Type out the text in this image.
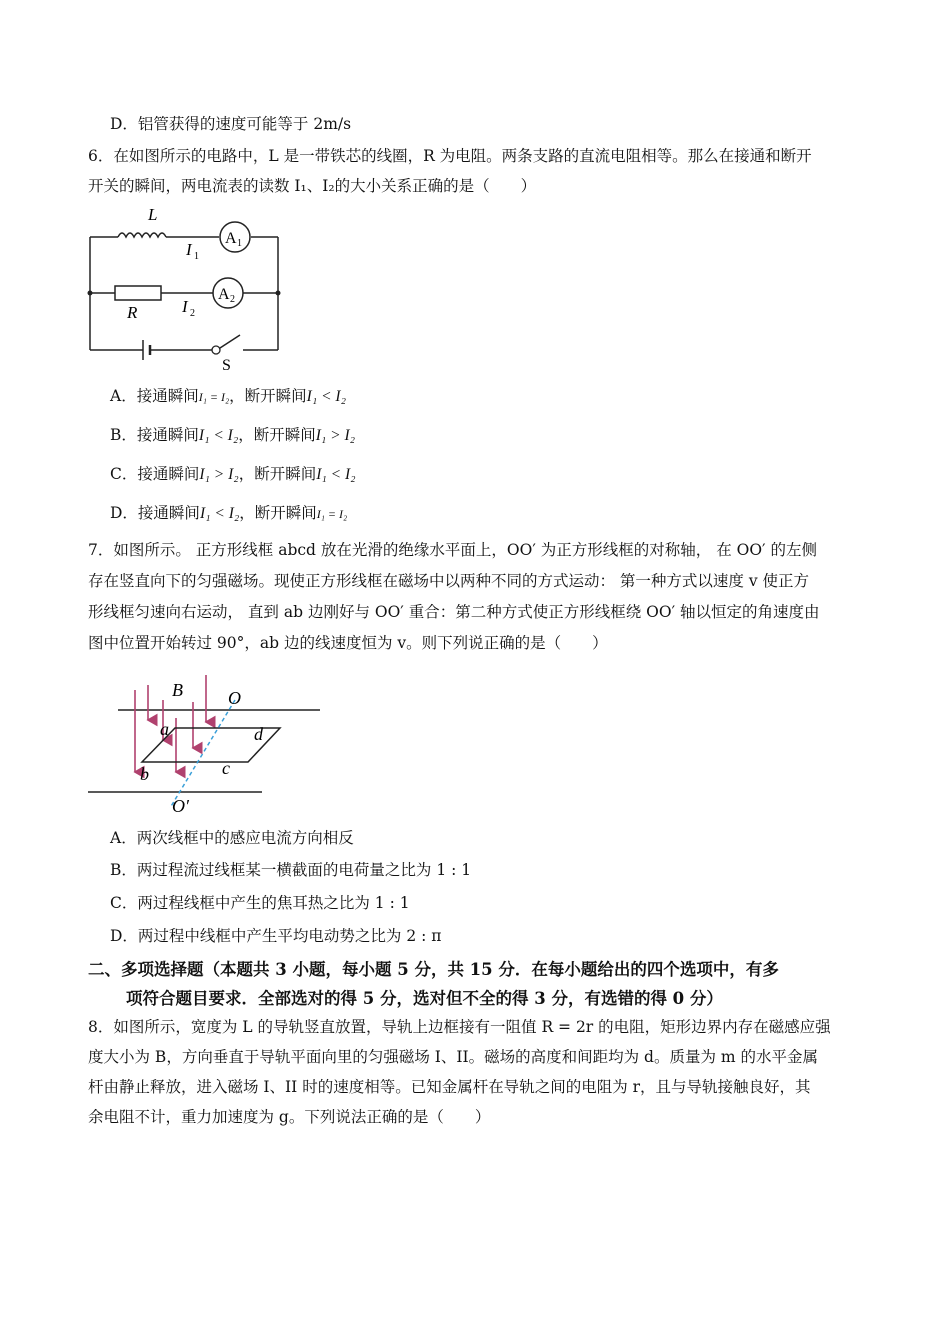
D．铝管获得的速度可能等于 2m/s
6．在如图所示的电路中，L 是一带铁芯的线圈，R 为电阻。两条支路的直流电阻相等。那么在接通和断开
开关的瞬间，两电流表的读数 I₁、I₂的大小关系正确的是（　　）
L
I 1
A 1
R	I 2
A 2
S
A．接通瞬间I₁ = I₂，断开瞬间I₁ < I₂
B．接通瞬间I₁ < I₂，断开瞬间I₁ > I₂
C．接通瞬间I₁ > I₂，断开瞬间I₁ < I₂
D．接通瞬间I₁ < I₂，断开瞬间I₁ = I₂
7．如图所示。 正方形线框 abcd 放在光滑的绝缘水平面上，OO′ 为正方形线框的对称轴， 在 OO′ 的左侧
存在竖直向下的匀强磁场。现使正方形线框在磁场中以两种不同的方式运动： 第一种方式以速度 v 使正方
形线框匀速向右运动， 直到 ab 边刚好与 OO′ 重合：第二种方式使正方形线框绕 OO′ 轴以恒定的角速度由
图中位置开始转过 90°，ab 边的线速度恒为 v。则下列说正确的是（　　）
B	O
a	d
b	c
O′
A．两次线框中的感应电流方向相反
B．两过程流过线框某一横截面的电荷量之比为 1 : 1
C．两过程线框中产生的焦耳热之比为 1 : 1
D．两过程中线框中产生平均电动势之比为 2 : π
二、多项选择题（本题共 3 小题，每小题 5 分，共 15 分．在每小题给出的四个选项中，有多
项符合题目要求．全部选对的得 5 分，选对但不全的得 3 分，有选错的得 0 分）
8．如图所示，宽度为 L 的导轨竖直放置，导轨上边框接有一阻值 R = 2r 的电阻，矩形边界内存在磁感应强
度大小为 B，方向垂直于导轨平面向里的匀强磁场 I、II。磁场的高度和间距均为 d。质量为 m 的水平金属
杆由静止释放，进入磁场 I、II 时的速度相等。已知金属杆在导轨之间的电阻为 r，且与导轨接触良好，其
余电阻不计，重力加速度为 g。下列说法正确的是（　　）
